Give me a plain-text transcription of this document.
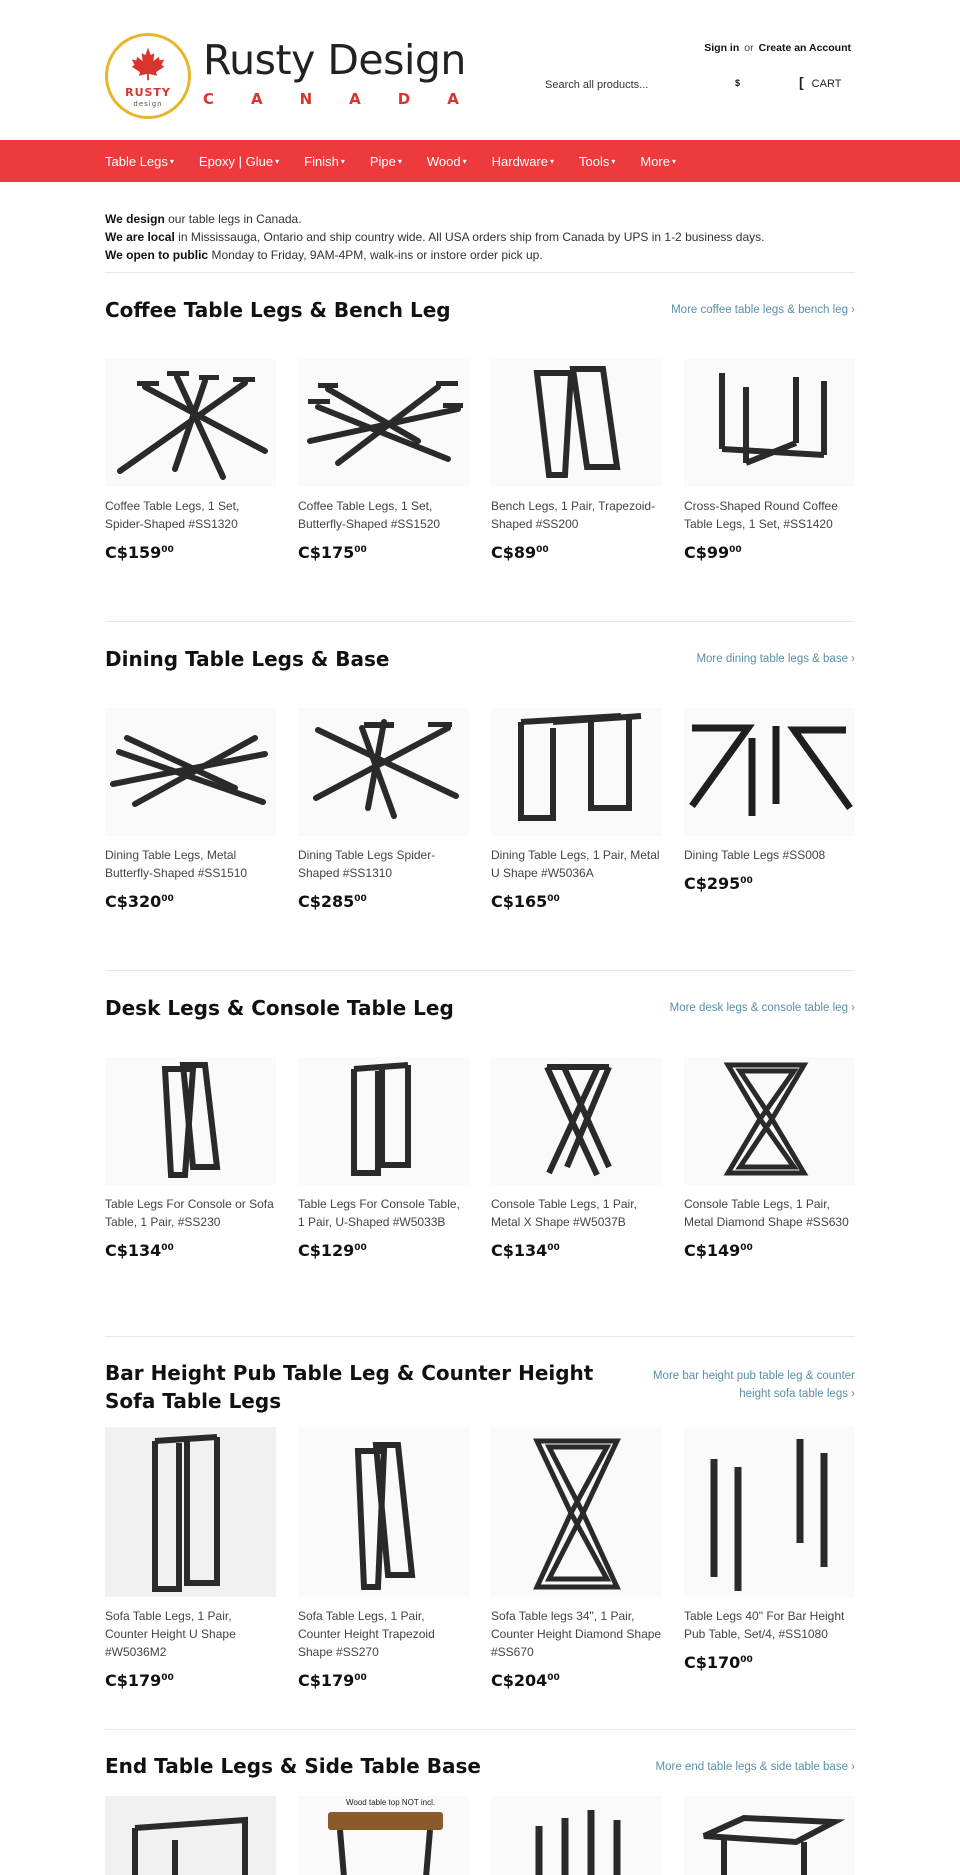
RUSTY
design
Rusty Design
CANADA
Sign in or Create an Account
Search all products...
$	[ CART
Table Legs ▾ Epoxy | Glue ▾ Finish ▾ Pipe ▾ Wood ▾ Hardware ▾ Tools ▾ More ▾
We design our table legs in Canada.
We are local in Mississauga, Ontario and ship country wide. All USA orders ship from Canada by UPS in 1-2 business days.
We open to public Monday to Friday, 9AM-4PM, walk-ins or instore order pick up.
Coffee Table Legs & Bench Leg	More coffee table legs & bench leg ›
Coffee Table Legs, 1 Set, Spider-Shaped #SS1320
$C\$159^{00}$
Coffee Table Legs, 1 Set, Butterfly-Shaped #SS1520
$C\$175^{00}$
Bench Legs, 1 Pair, Trapezoid-Shaped #SS200
$C\$89^{00}$
Cross-Shaped Round Coffee Table Legs, 1 Set, #SS1420
$C\$99^{00}$
Dining Table Legs & Base	More dining table legs & base ›
Dining Table Legs, Metal Butterfly-Shaped #SS1510
$C\$320^{00}$
Dining Table Legs Spider-Shaped #SS1310
$C\$285^{00}$
Dining Table Legs, 1 Pair, Metal U Shape #W5036A
$C\$165^{00}$
Dining Table Legs #SS008
$C\$295^{00}$
Desk Legs & Console Table Leg	More desk legs & console table leg ›
Table Legs For Console or Sofa Table, 1 Pair, #SS230
$C\$134^{00}$
Table Legs For Console Table, 1 Pair, U-Shaped #W5033B
$C\$129^{00}$
Console Table Legs, 1 Pair, Metal X Shape #W5037B
$C\$134^{00}$
Console Table Legs, 1 Pair, Metal Diamond Shape #SS630
$C\$149^{00}$
Bar Height Pub Table Leg & Counter Height Sofa Table Legs
More bar height pub table leg & counter height sofa table legs ›
Sofa Table Legs, 1 Pair, Counter Height U Shape #W5036M2
$C\$179^{00}$
Sofa Table Legs, 1 Pair, Counter Height Trapezoid Shape #SS270
$C\$179^{00}$
Sofa Table legs 34", 1 Pair, Counter Height Diamond Shape #SS670
$C\$204^{00}$
Table Legs 40" For Bar Height Pub Table, Set/4, #SS1080
$C\$170^{00}$
End Table Legs & Side Table Base	More end table legs & side table base ›
Wood table top NOT incl.
